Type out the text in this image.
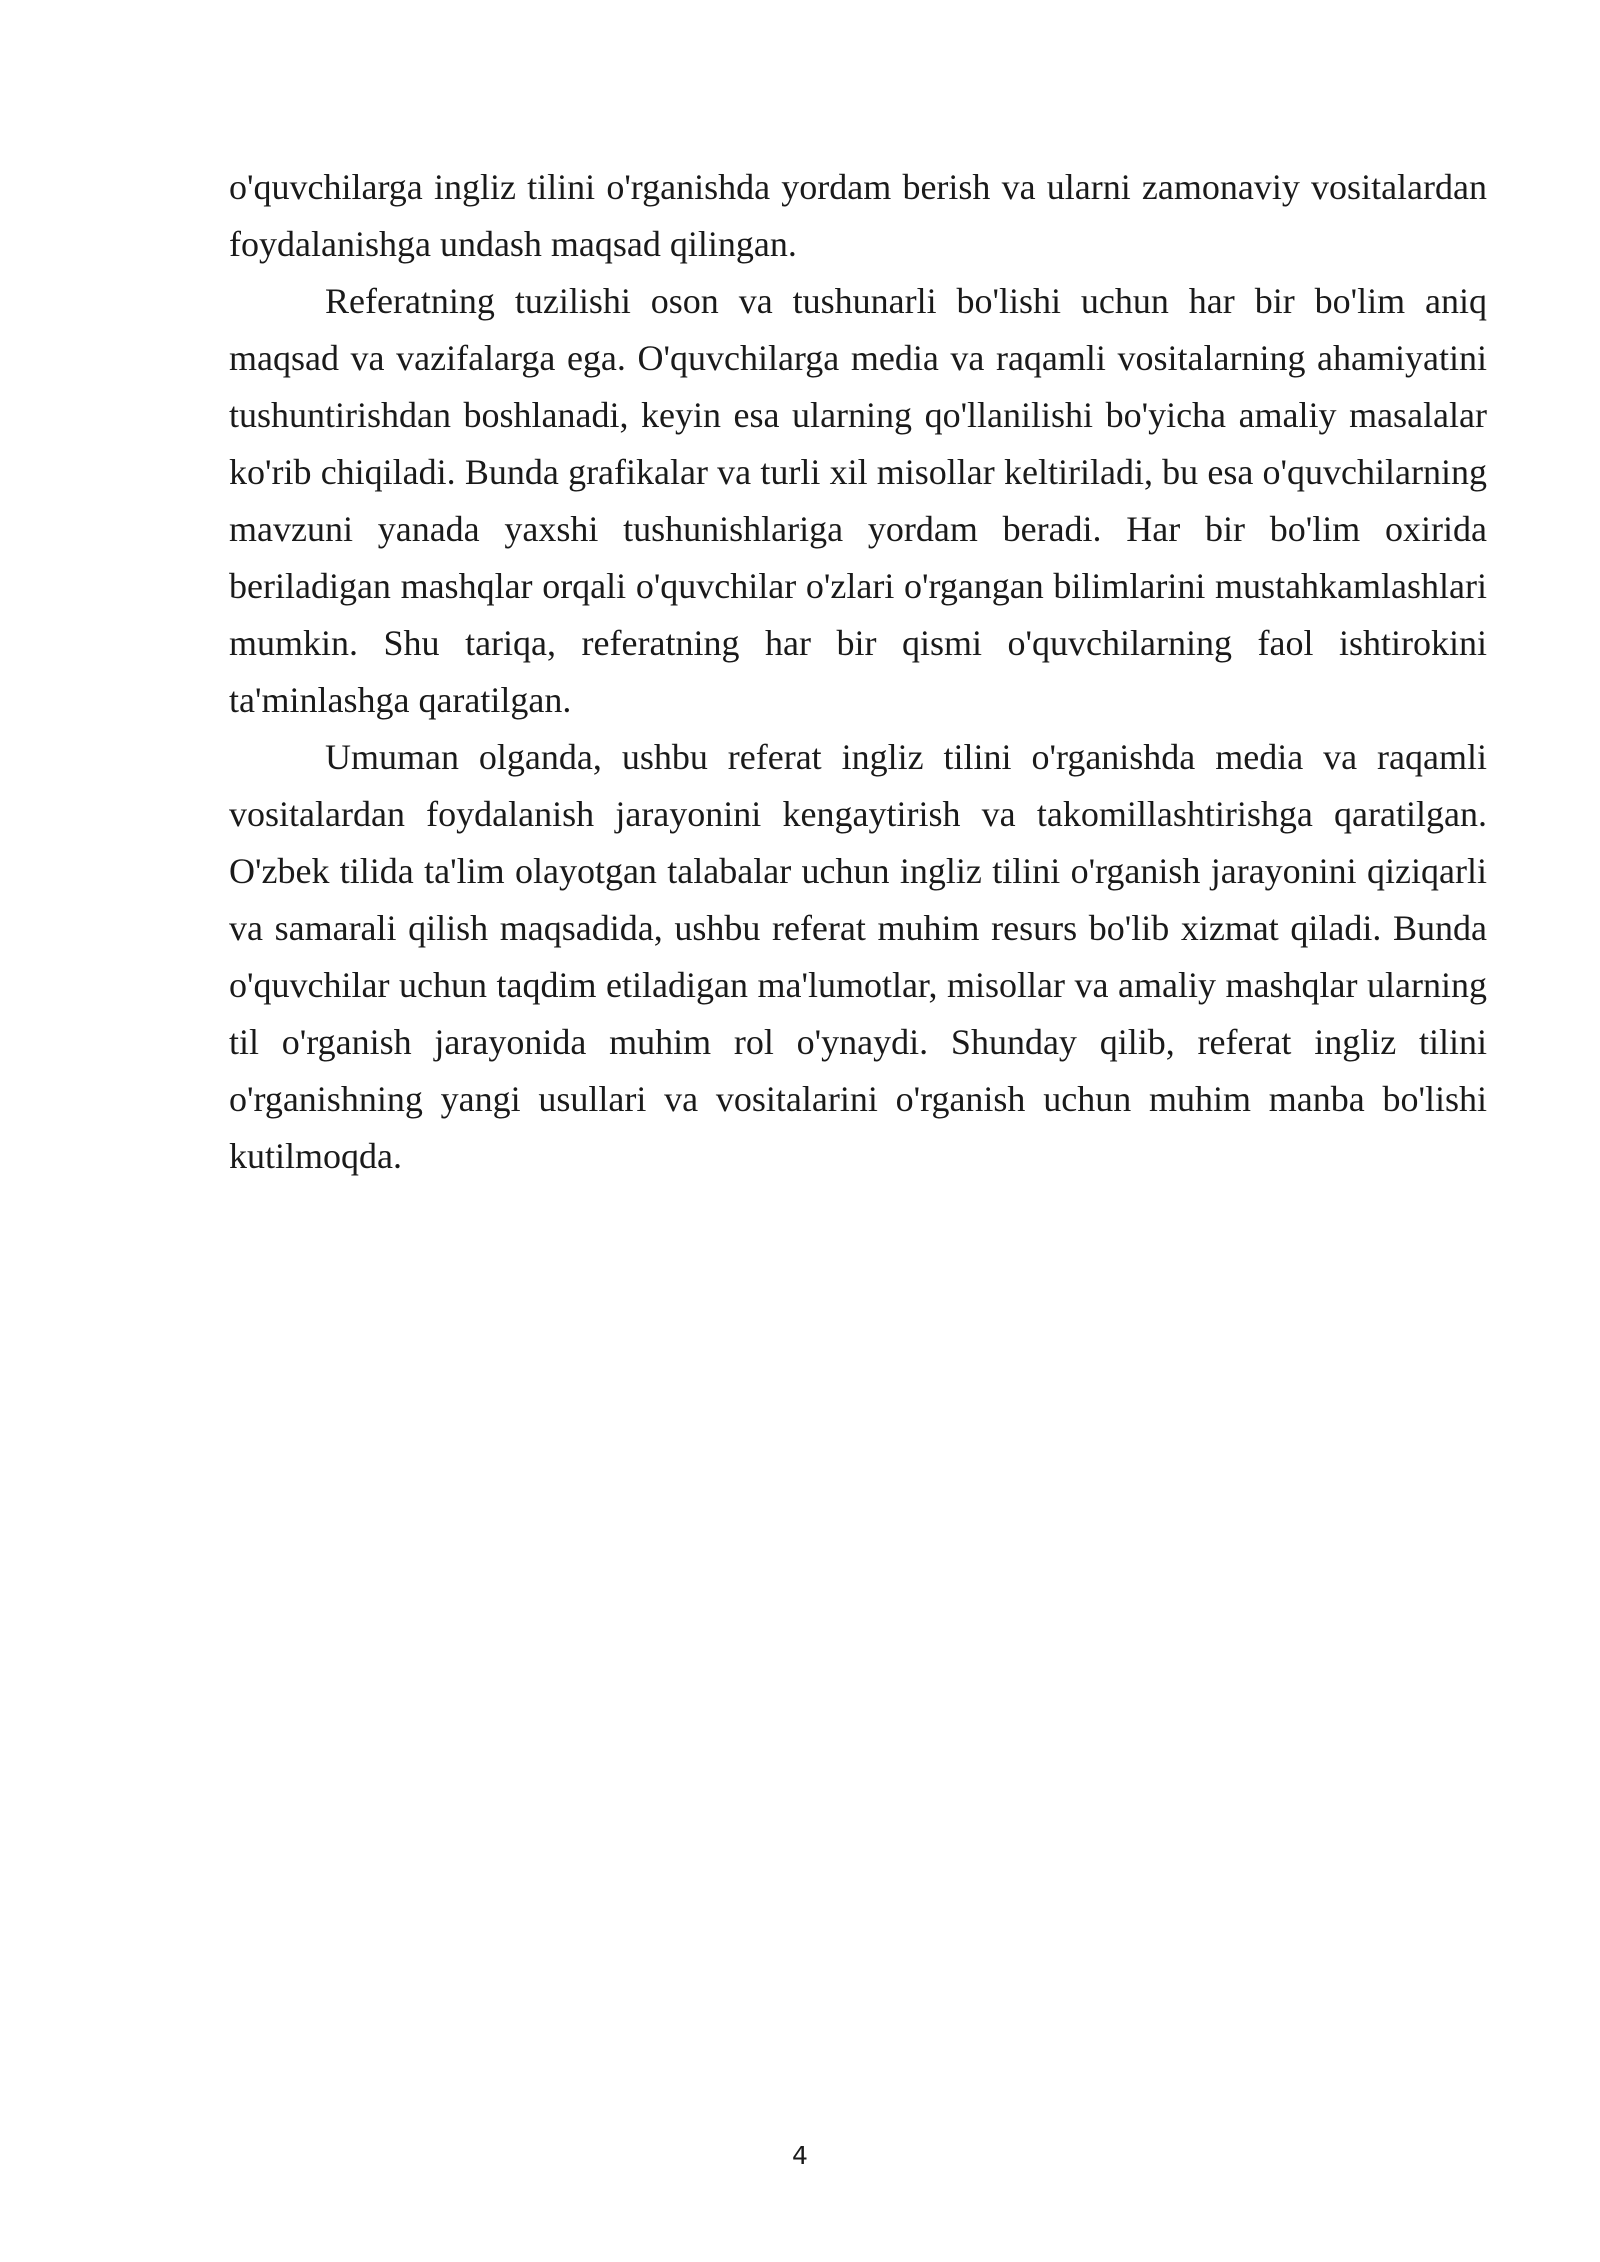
o'quvchilarga ingliz tilini o'rganishda yordam berish va ularni zamonaviy vositalardan foydalanishga undash maqsad qilingan.

Referatning tuzilishi oson va tushunarli bo'lishi uchun har bir bo'lim aniq maqsad va vazifalarga ega. O'quvchilarga media va raqamli vositalarning ahamiyatini tushuntirishdan boshlanadi, keyin esa ularning qo'llanilishi bo'yicha amaliy masalalar ko'rib chiqiladi. Bunda grafikalar va turli xil misollar keltiriladi, bu esa o'quvchilarning mavzuni yanada yaxshi tushunishlariga yordam beradi. Har bir bo'lim oxirida beriladigan mashqlar orqali o'quvchilar o'zlari o'rgangan bilimlarini mustahkamlashlari mumkin. Shu tariqa, referatning har bir qismi o'quvchilarning faol ishtirokini ta'minlashga qaratilgan.

Umuman olganda, ushbu referat ingliz tilini o'rganishda media va raqamli vositalardan foydalanish jarayonini kengaytirish va takomillashtirishga qaratilgan. O'zbek tilida ta'lim olayotgan talabalar uchun ingliz tilini o'rganish jarayonini qiziqarli va samarali qilish maqsadida, ushbu referat muhim resurs bo'lib xizmat qiladi. Bunda o'quvchilar uchun taqdim etiladigan ma'lumotlar, misollar va amaliy mashqlar ularning til o'rganish jarayonida muhim rol o'ynaydi. Shunday qilib, referat ingliz tilini o'rganishning yangi usullari va vositalarini o'rganish uchun muhim manba bo'lishi kutilmoqda.

4
